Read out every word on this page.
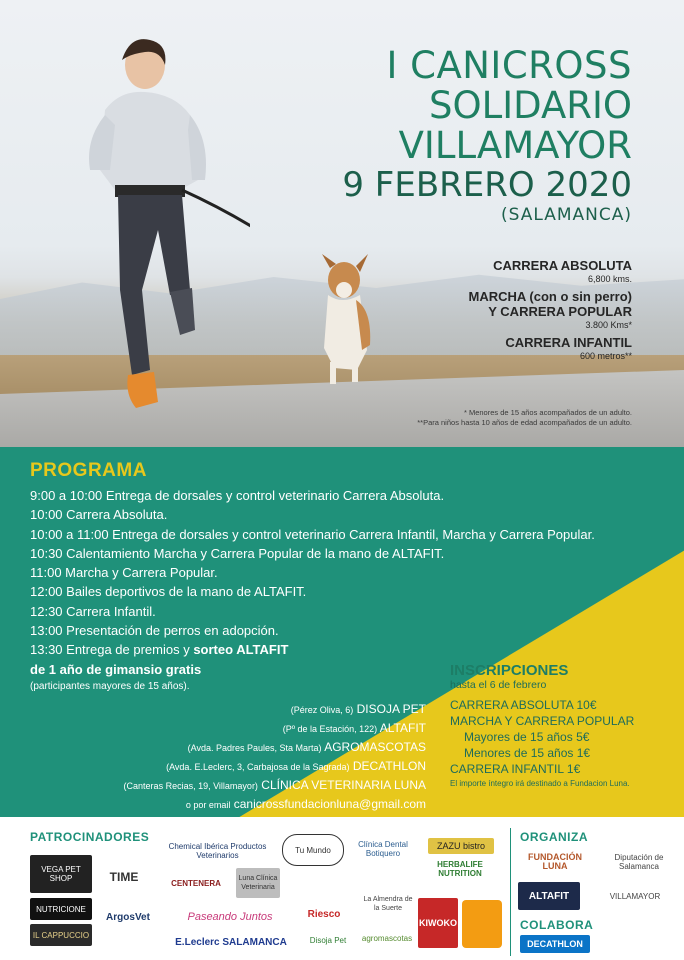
I CANICROSS
SOLIDARIO
VILLAMAYOR
9 FEBRERO 2020
(SALAMANCA)
CARRERA ABSOLUTA
6,800 kms.
MARCHA (con o sin perro)
Y CARRERA POPULAR
3.800 Kms*
CARRERA INFANTIL
600 metros**
* Menores de 15 años acompañados de un adulto.
**Para niños hasta 10 años de edad acompañados de un adulto.
PROGRAMA
9:00 a 10:00 Entrega de dorsales y control veterinario Carrera Absoluta.
10:00 Carrera Absoluta.
10:00 a 11:00 Entrega de dorsales y control veterinario Carrera Infantil, Marcha y Carrera Popular.
10:30 Calentamiento Marcha y Carrera Popular de la mano de ALTAFIT.
11:00 Marcha y Carrera Popular.
12:00 Bailes deportivos de la mano de ALTAFIT.
12:30 Carrera Infantil.
13:00 Presentación de perros en adopción.
13:30 Entrega de premios y sorteo ALTAFIT
de 1 año de gimansio gratis
(participantes mayores de 15 años).
(Pérez Oliva, 6) DISOJA PET
(Pº de la Estación, 122) ALTAFIT
(Avda. Padres Paules, Sta Marta) AGROMASCOTAS
(Avda. E.Leclerc, 3, Carbajosa de la Sagrada) DECATHLON
(Canteras Recias, 19, Villamayor) CLÍNICA VETERINARIA LUNA
o por email canicrossfundacionluna@gmail.com
INSCRIPCIONES
hasta el 6 de febrero
CARRERA ABSOLUTA 10€
MARCHA Y CARRERA POPULAR
Mayores de 15 años 5€
Menores de 15 años 1€
CARRERA INFANTIL 1€
El importe íntegro irá destinado a Fundacion Luna.
PATROCINADORES
VEGA PET SHOP	TIME
NUTRICIONE
IL CAPPUCCIO
ArgosVet
Chemical Ibérica Productos Veterinarios
Tu Mundo
Clínica Dental Botiquero
ZAZU bistro
HERBALIFE NUTRITION
CENTENERA	Luna Clínica Veterinaria
Paseando Juntos	Riesco
La Almendra de la Suerte
KIWOKO
E.Leclerc SALAMANCA	Disoja Pet	agromascotas
ORGANIZA
FUNDACIÓN LUNA
Diputación de Salamanca
ALTAFIT	VILLAMAYOR
COLABORA
DECATHLON
